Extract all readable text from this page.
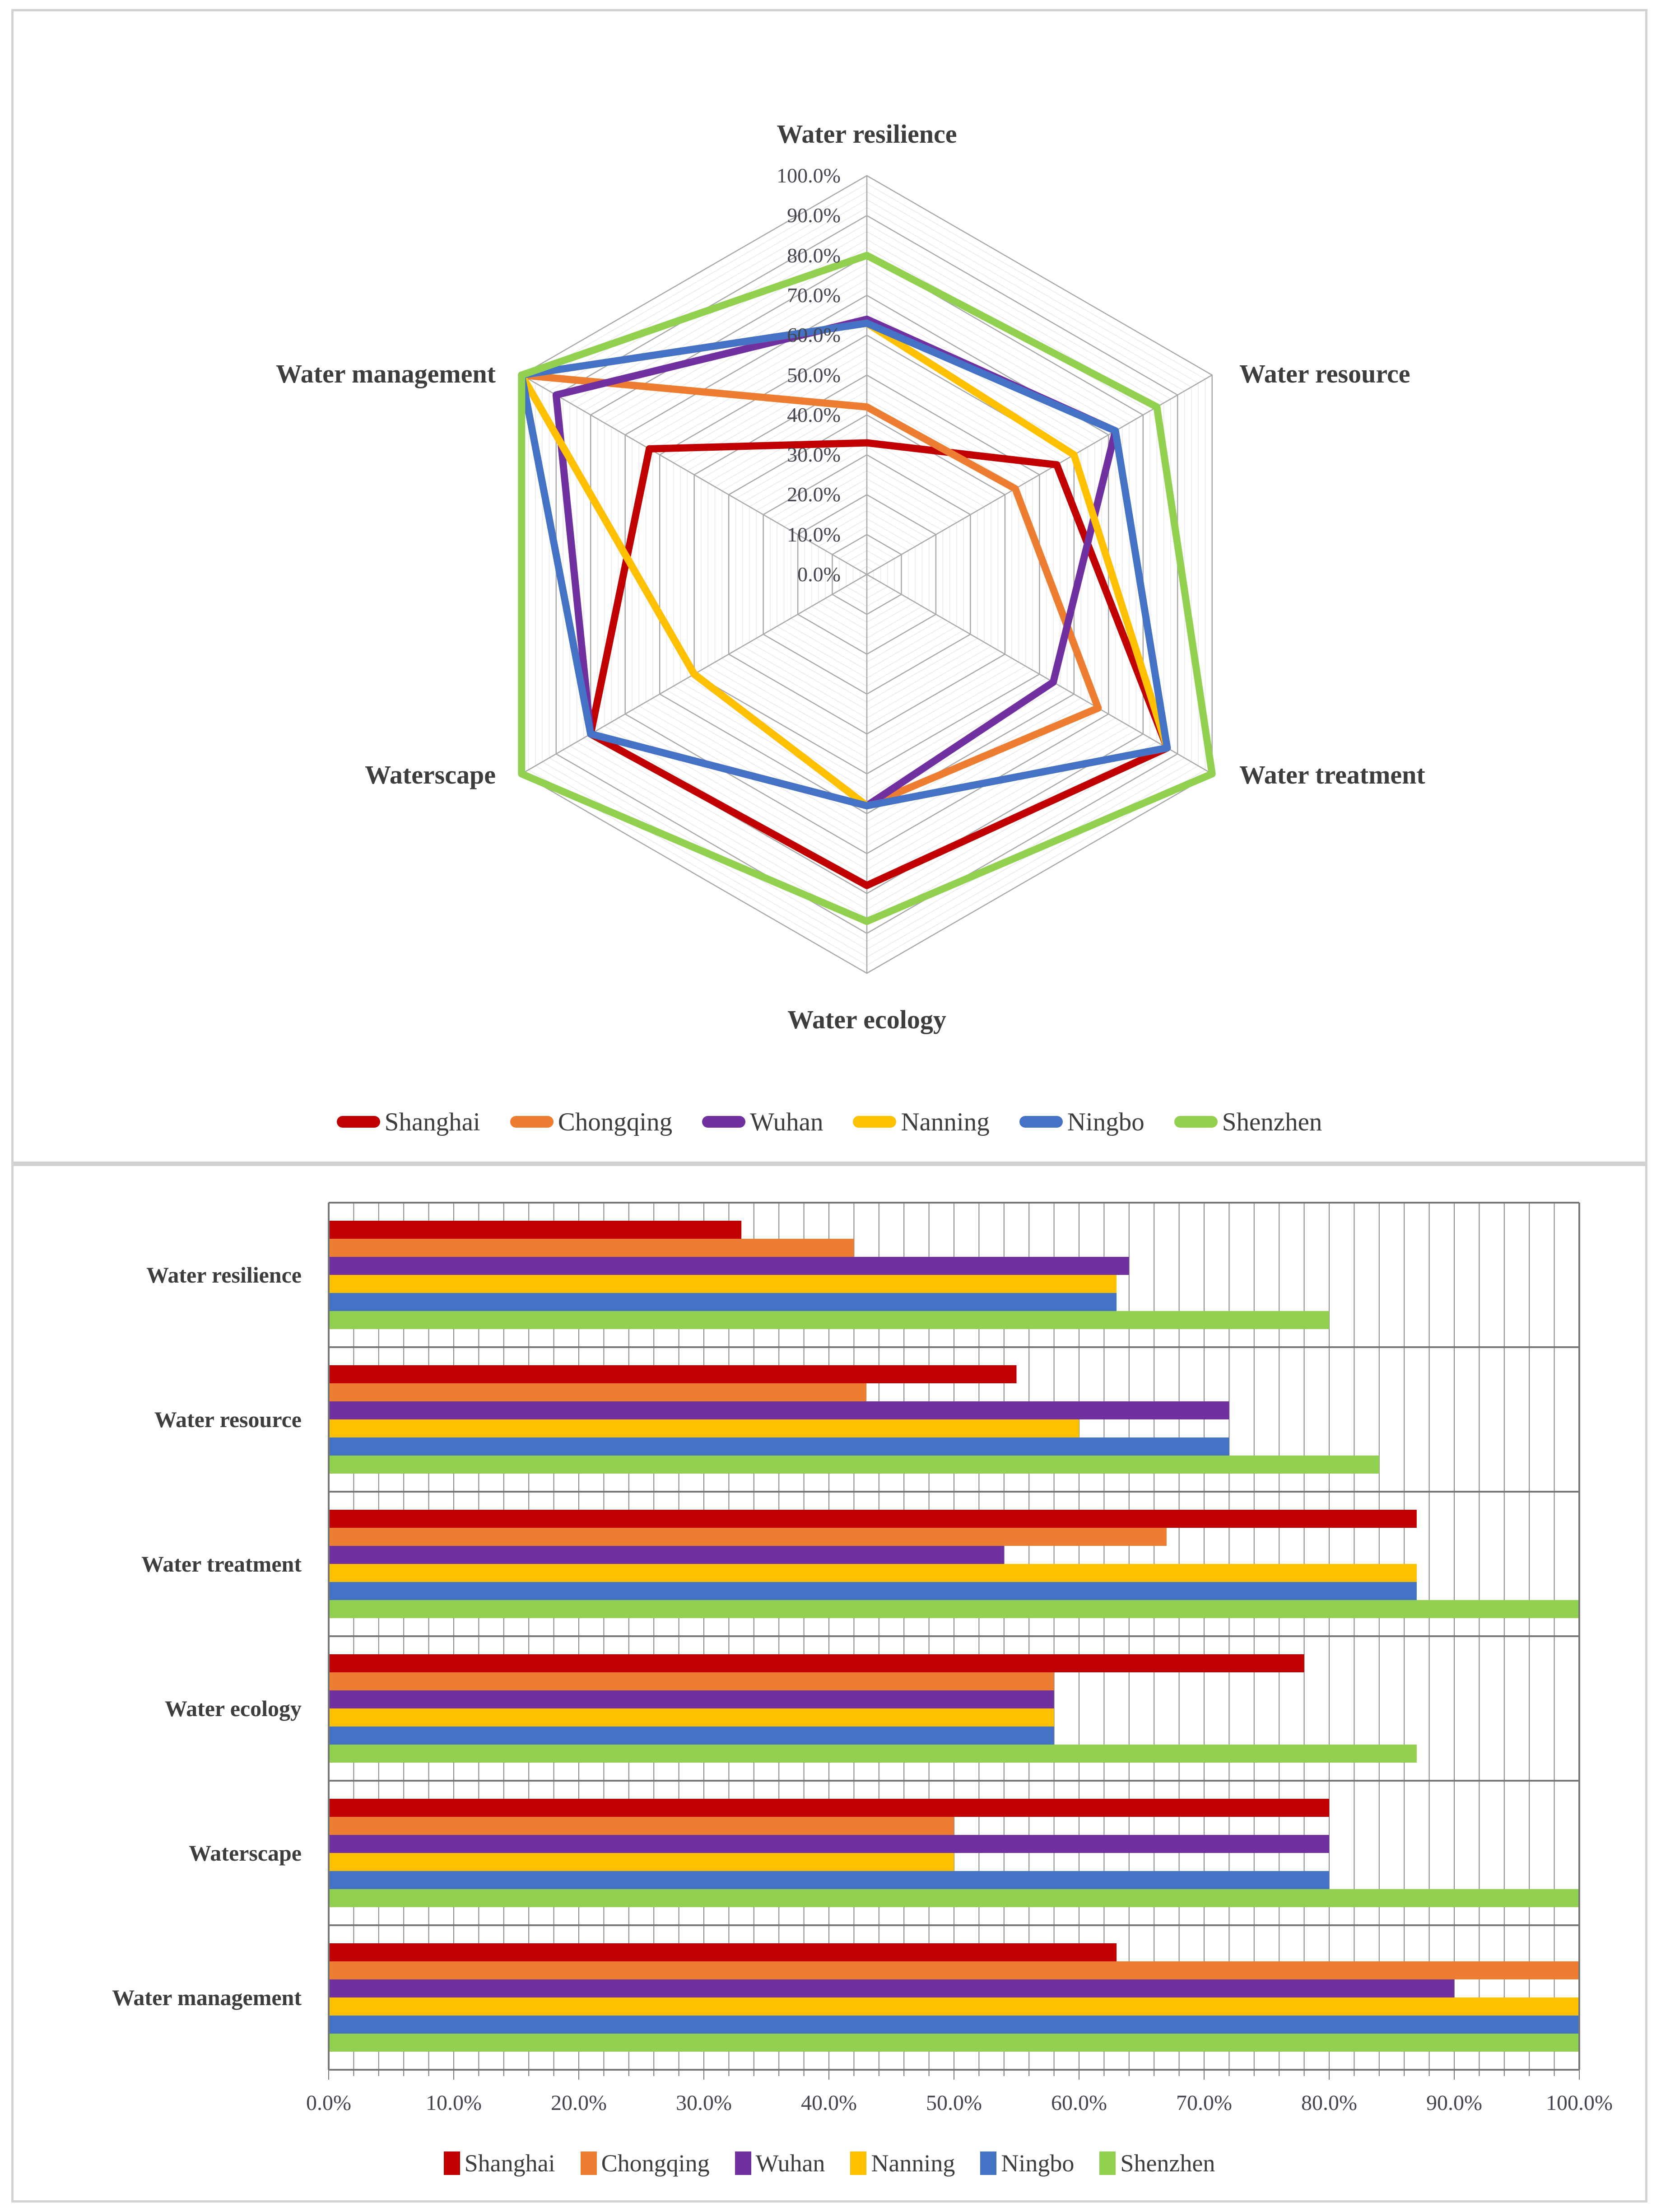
0.0%
10.0%
20.0%
30.0%
40.0%
50.0%
60.0%
70.0%
80.0%
90.0%
100.0%
Water resilience
Water resource
Water treatment
Water ecology
Waterscape
Water management
Water resilience
Water resource
Water treatment
Water ecology
Waterscape
Water management
0.0%	10.0%	20.0%	30.0%	40.0%	50.0%	60.0%	70.0%	80.0%	90.0%	100.0%
Shanghai	Chongqing	Wuhan	Nanning	Ningbo	Shenzhen
Shanghai Chongqing Wuhan Nanning Ningbo Shenzhen
